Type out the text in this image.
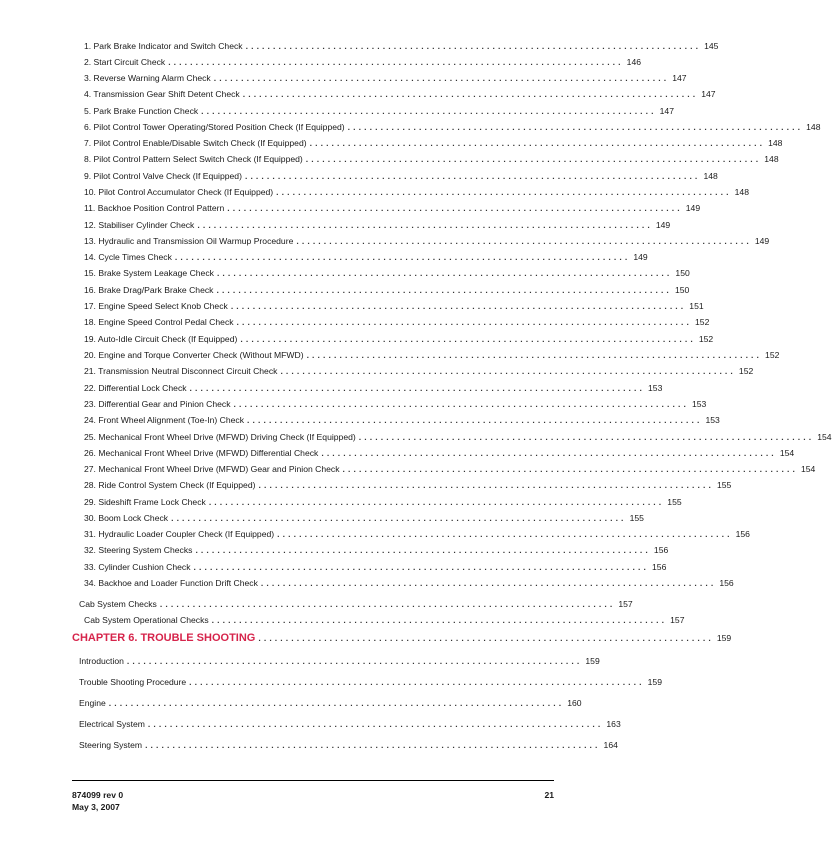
1. Park Brake Indicator and Switch Check ................................................................................... 145
2. Start Circuit Check ................................................................................... 146
3. Reverse Warning Alarm Check ................................................................................... 147
4. Transmission Gear Shift Detent Check ................................................................................... 147
5. Park Brake Function Check ................................................................................... 147
6. Pilot Control Tower Operating/Stored Position Check (If Equipped) ................................................................................... 148
7. Pilot Control Enable/Disable Switch Check (If Equipped) ................................................................................... 148
8. Pilot Control Pattern Select Switch Check (If Equipped) ................................................................................... 148
9. Pilot Control Valve Check (If Equipped) ................................................................................... 148
10. Pilot Control Accumulator Check (If Equipped) ................................................................................... 148
11. Backhoe Position Control Pattern ................................................................................... 149
12. Stabiliser Cylinder Check ................................................................................... 149
13. Hydraulic and Transmission Oil Warmup Procedure ................................................................................... 149
14. Cycle Times Check ................................................................................... 149
15. Brake System Leakage Check ................................................................................... 150
16. Brake Drag/Park Brake Check ................................................................................... 150
17. Engine Speed Select Knob Check ................................................................................... 151
18. Engine Speed Control Pedal Check ................................................................................... 152
19. Auto-Idle Circuit Check (If Equipped) ................................................................................... 152
20. Engine and Torque Converter Check (Without MFWD) ................................................................................... 152
21. Transmission Neutral Disconnect Circuit Check ................................................................................... 152
22. Differential Lock Check ................................................................................... 153
23. Differential Gear and Pinion Check ................................................................................... 153
24. Front Wheel Alignment (Toe-In) Check ................................................................................... 153
25. Mechanical Front Wheel Drive (MFWD) Driving Check (If Equipped) ................................................................................... 154
26. Mechanical Front Wheel Drive (MFWD) Differential Check ................................................................................... 154
27. Mechanical Front Wheel Drive (MFWD) Gear and Pinion Check ................................................................................... 154
28. Ride Control System Check (If Equipped) ................................................................................... 155
29. Sideshift Frame Lock Check ................................................................................... 155
30. Boom Lock Check ................................................................................... 155
31. Hydraulic Loader Coupler Check (If Equipped) ................................................................................... 156
32. Steering System Checks ................................................................................... 156
33. Cylinder Cushion Check ................................................................................... 156
34. Backhoe and Loader Function Drift Check ................................................................................... 156
Cab System Checks ................................................................................... 157
Cab System Operational Checks ................................................................................... 157
CHAPTER 6. TROUBLE SHOOTING ................................................................................... 159
Introduction ................................................................................... 159
Trouble Shooting Procedure ................................................................................... 159
Engine ................................................................................... 160
Electrical System ................................................................................... 163
Steering System ................................................................................... 164
874099 rev 0
May 3, 2007
21
